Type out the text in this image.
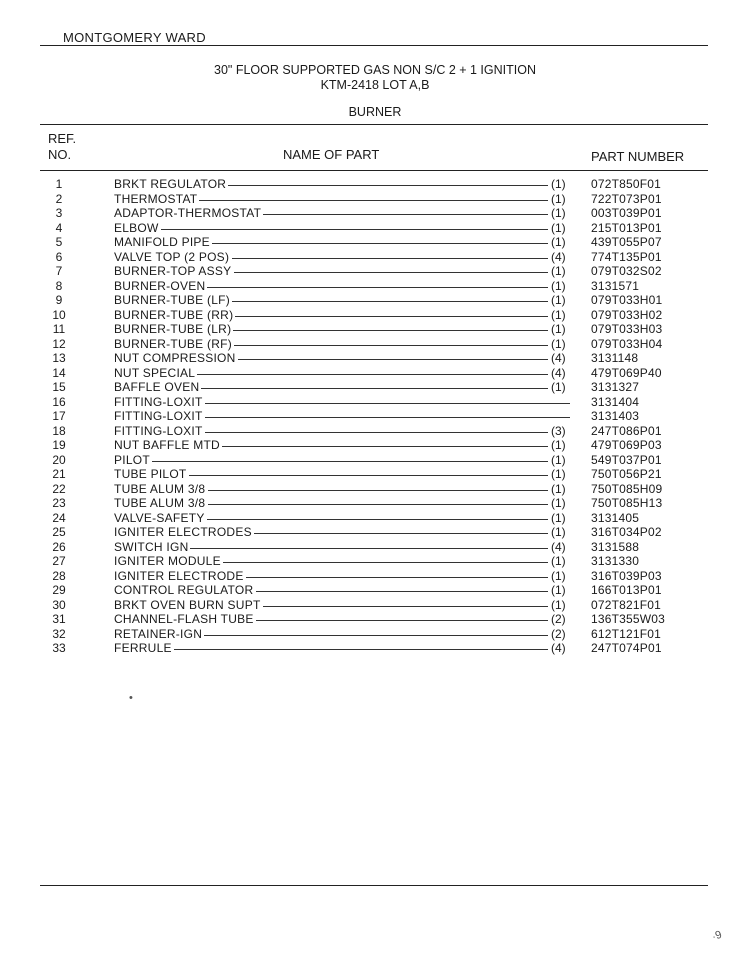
MONTGOMERY WARD
30" FLOOR SUPPORTED GAS NON S/C 2 + 1 IGNITION
KTM-2418 LOT A,B
BURNER
REF.
NO.	NAME OF PART	PART NUMBER
1	BRKT REGULATOR	(1) 072T850F01
2	THERMOSTAT	(1) 722T073P01
3	ADAPTOR-THERMOSTAT	(1) 003T039P01
4	ELBOW	(1) 215T013P01
5	MANIFOLD PIPE	(1) 439T055P07
6	VALVE TOP (2 POS)	(4) 774T135P01
7	BURNER-TOP ASSY	(1) 079T032S02
8	BURNER-OVEN	(1) 3131571
9	BURNER-TUBE (LF)	(1) 079T033H01
10	BURNER-TUBE (RR)	(1) 079T033H02
11	BURNER-TUBE (LR)	(1) 079T033H03
12	BURNER-TUBE (RF)	(1) 079T033H04
13	NUT COMPRESSION	(4) 3131148
14	NUT SPECIAL	(4) 479T069P40
15	BAFFLE OVEN	(1) 3131327
16	FITTING-LOXIT	3131404
17	FITTING-LOXIT	3131403
18	FITTING-LOXIT	(3) 247T086P01
19	NUT BAFFLE MTD	(1) 479T069P03
20	PILOT	(1) 549T037P01
21	TUBE PILOT	(1) 750T056P21
22	TUBE ALUM 3/8	(1) 750T085H09
23	TUBE ALUM 3/8	(1) 750T085H13
24	VALVE-SAFETY	(1) 3131405
25	IGNITER ELECTRODES	(1) 316T034P02
26	SWITCH IGN	(4) 3131588
27	IGNITER MODULE	(1) 3131330
28	IGNITER ELECTRODE	(1) 316T039P03
29	CONTROL REGULATOR	(1) 166T013P01
30	BRKT OVEN BURN SUPT	(1) 072T821F01
31	CHANNEL-FLASH TUBE	(2) 136T355W03
32	RETAINER-IGN	(2) 612T121F01
33	FERRULE	(4) 247T074P01
•
·9
